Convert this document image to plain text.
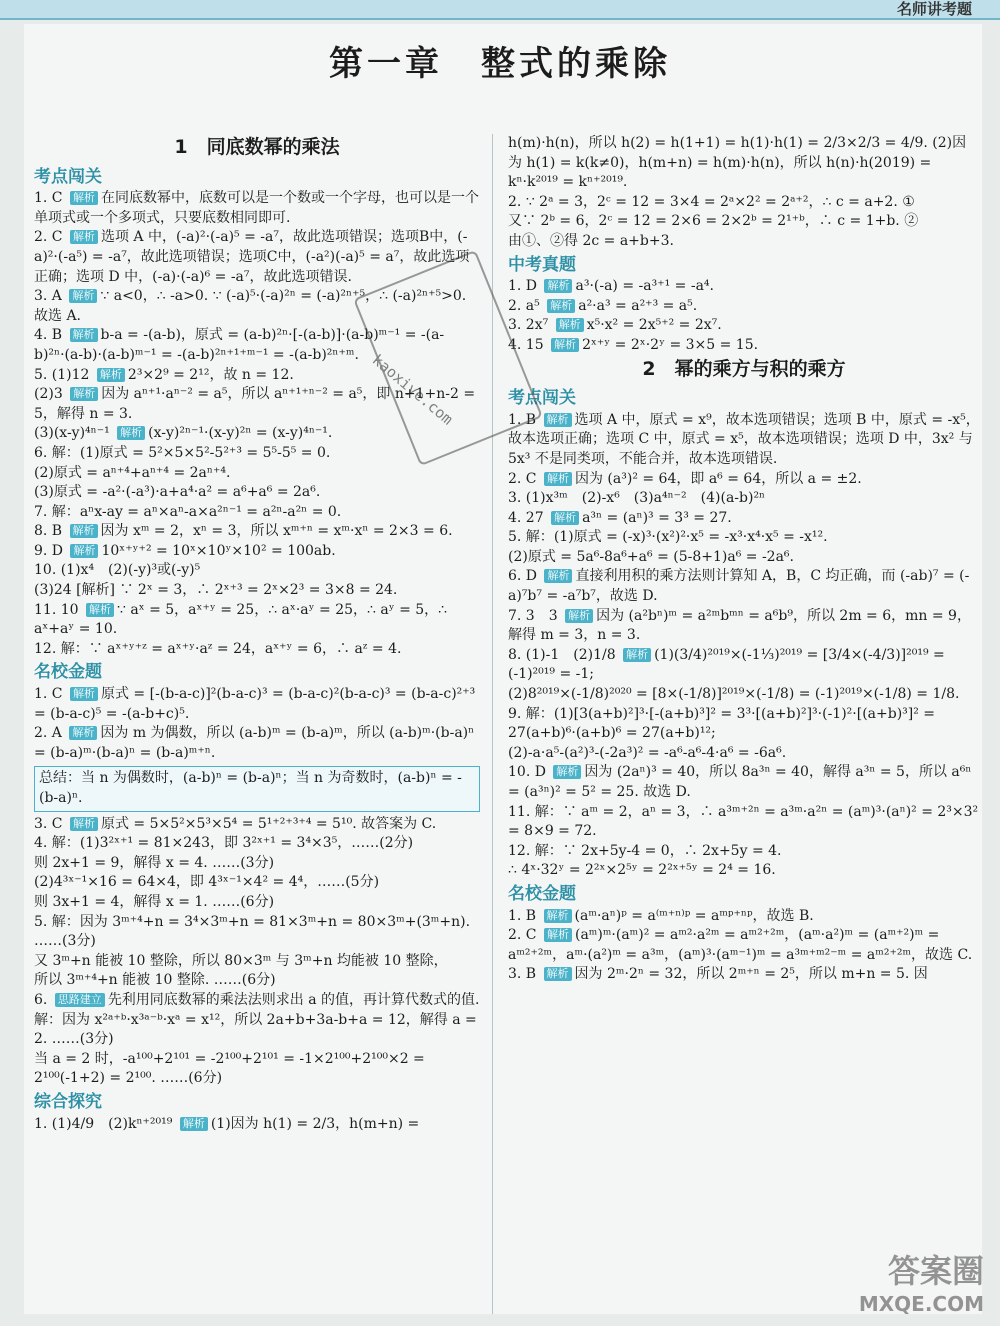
名师讲考题
第一章　整式的乘除
1　同底数幂的乘法
考点闯关

1. C 解析 在同底数幂中，底数可以是一个数或一个字母，也可以是一个单项式或一个多项式，只要底数相同即可.

2. C 解析 选项 A 中，(-a)²·(-a)⁵ = -a⁷，故此选项错误；选项B中，(-a)²·(-a⁵) = -a⁷，故此选项错误；选项C中，(-a²)(-a)⁵ = a⁷，故此选项正确；选项 D 中，(-a)·(-a)⁶ = -a⁷，故此选项错误.

3. A 解析 ∵ a<0，∴ -a>0. ∵ (-a)⁵·(-a)²ⁿ = (-a)²ⁿ⁺⁵，∴ (-a)²ⁿ⁺⁵>0. 故选 A.

4. B 解析 b-a = -(a-b)，原式 = (a-b)²ⁿ·[-(a-b)]·(a-b)ᵐ⁻¹ = -(a-b)²ⁿ·(a-b)·(a-b)ᵐ⁻¹ = -(a-b)²ⁿ⁺¹⁺ᵐ⁻¹ = -(a-b)²ⁿ⁺ᵐ.

5. (1)12 解析 2³×2⁹ = 2¹²，故 n = 12.

(2)3 解析 因为 aⁿ⁺¹·aⁿ⁻² = a⁵，所以 aⁿ⁺¹⁺ⁿ⁻² = a⁵，即 n+1+n-2 = 5，解得 n = 3.

(3)(x-y)⁴ⁿ⁻¹ 解析 (x-y)²ⁿ⁻¹·(x-y)²ⁿ = (x-y)⁴ⁿ⁻¹.

6. 解：(1)原式 = 5²×5×5²-5²⁺³ = 5⁵-5⁵ = 0.
(2)原式 = aⁿ⁺⁴+aⁿ⁺⁴ = 2aⁿ⁺⁴.
(3)原式 = -a²·(-a³)·a+a⁴·a² = a⁶+a⁶ = 2a⁶.

7. 解：aⁿx-ay = aⁿ×aⁿ-a×a²ⁿ⁻¹ = a²ⁿ-a²ⁿ = 0.

8. B 解析 因为 xᵐ = 2，xⁿ = 3，所以 xᵐ⁺ⁿ = xᵐ·xⁿ = 2×3 = 6.

9. D 解析 10ˣ⁺ʸ⁺² = 10ˣ×10ʸ×10² = 100ab.

10. (1)x⁴　(2)(-y)³或(-y)⁵
(3)24 [解析] ∵ 2ˣ = 3，∴ 2ˣ⁺³ = 2ˣ×2³ = 3×8 = 24.

11. 10 解析 ∵ aˣ = 5，aˣ⁺ʸ = 25，∴ aˣ·aʸ = 25，∴ aʸ = 5，∴ aˣ+aʸ = 10.

12. 解：∵ aˣ⁺ʸ⁺ᶻ = aˣ⁺ʸ·aᶻ = 24，aˣ⁺ʸ = 6，∴ aᶻ = 4.

名校金题

1. C 解析 原式 = [-(b-a-c)]²(b-a-c)³ = (b-a-c)²(b-a-c)³ = (b-a-c)²⁺³ = (b-a-c)⁵ = -(a-b+c)⁵.

2. A 解析 因为 m 为偶数，所以 (a-b)ᵐ = (b-a)ᵐ，所以 (a-b)ᵐ·(b-a)ⁿ = (b-a)ᵐ·(b-a)ⁿ = (b-a)ᵐ⁺ⁿ.

总结：当 n 为偶数时，(a-b)ⁿ = (b-a)ⁿ；当 n 为奇数时，(a-b)ⁿ = -(b-a)ⁿ.

3. C 解析 原式 = 5×5²×5³×5⁴ = 5¹⁺²⁺³⁺⁴ = 5¹⁰. 故答案为 C.

4. 解：(1)3²ˣ⁺¹ = 81×243，即 3²ˣ⁺¹ = 3⁴×3⁵，……(2分)
则 2x+1 = 9，解得 x = 4. ……(3分)
(2)4³ˣ⁻¹×16 = 64×4，即 4³ˣ⁻¹×4² = 4⁴，……(5分)
则 3x+1 = 4，解得 x = 1. ……(6分)

5. 解：因为 3ᵐ⁺⁴+n = 3⁴×3ᵐ+n = 81×3ᵐ+n = 80×3ᵐ+(3ᵐ+n). ……(3分)
又 3ᵐ+n 能被 10 整除，所以 80×3ᵐ 与 3ᵐ+n 均能被 10 整除，
所以 3ᵐ⁺⁴+n 能被 10 整除. ……(6分)

6. 思路建立 先利用同底数幂的乘法法则求出 a 的值，再计算代数式的值.
解：因为 x²ᵃ⁺ᵇ·x³ᵃ⁻ᵇ·xᵃ = x¹²，所以 2a+b+3a-b+a = 12，解得 a = 2. ……(3分)
当 a = 2 时，-a¹⁰⁰+2¹⁰¹ = -2¹⁰⁰+2¹⁰¹ = -1×2¹⁰⁰+2¹⁰⁰×2 = 2¹⁰⁰(-1+2) = 2¹⁰⁰. ……(6分)

综合探究

1. (1)4/9　(2)kⁿ⁺²⁰¹⁹ 解析 (1)因为 h(1) = 2/3，h(m+n) =

h(m)·h(n)，所以 h(2) = h(1+1) = h(1)·h(1) = 2/3×2/3 = 4/9. (2)因为 h(1) = k(k≠0)，h(m+n) = h(m)·h(n)，所以 h(n)·h(2019) = kⁿ·k²⁰¹⁹ = kⁿ⁺²⁰¹⁹.

2. ∵ 2ᵃ = 3，2ᶜ = 12 = 3×4 = 2ᵃ×2² = 2ᵃ⁺²，∴ c = a+2. ①
又∵ 2ᵇ = 6，2ᶜ = 12 = 2×6 = 2×2ᵇ = 2¹⁺ᵇ，∴ c = 1+b. ②
由①、②得 2c = a+b+3.

中考真题

1. D 解析 a³·(-a) = -a³⁺¹ = -a⁴.

2. a⁵ 解析 a²·a³ = a²⁺³ = a⁵.

3. 2x⁷ 解析 x⁵·x² = 2x⁵⁺² = 2x⁷.

4. 15 解析 2ˣ⁺ʸ = 2ˣ·2ʸ = 3×5 = 15.

2　幂的乘方与积的乘方
考点闯关

1. B 解析 选项 A 中，原式 = x⁹，故本选项错误；选项 B 中，原式 = -x⁵，故本选项正确；选项 C 中，原式 = x⁵，故本选项错误；选项 D 中，3x² 与 5x³ 不是同类项，不能合并，故本选项错误.

2. C 解析 因为 (a³)² = 64，即 a⁶ = 64，所以 a = ±2.

3. (1)x³ᵐ　(2)-x⁶　(3)a⁴ⁿ⁻²　(4)(a-b)²ⁿ

4. 27 解析 a³ⁿ = (aⁿ)³ = 3³ = 27.

5. 解：(1)原式 = (-x)³·(x²)²·x⁵ = -x³·x⁴·x⁵ = -x¹².
(2)原式 = 5a⁶-8a⁶+a⁶ = (5-8+1)a⁶ = -2a⁶.

6. D 解析 直接利用积的乘方法则计算知 A，B，C 均正确，而 (-ab)⁷ = (-a)⁷b⁷ = -a⁷b⁷，故选 D.

7. 3　3 解析 因为 (a²bⁿ)ᵐ = a²ᵐbᵐⁿ = a⁶b⁹，所以 2m = 6，mn = 9，解得 m = 3，n = 3.

8. (1)-1　(2)1/8 解析 (1)(3/4)²⁰¹⁹×(-1⅓)²⁰¹⁹ = [3/4×(-4/3)]²⁰¹⁹ = (-1)²⁰¹⁹ = -1;
(2)8²⁰¹⁹×(-1/8)²⁰²⁰ = [8×(-1/8)]²⁰¹⁹×(-1/8) = (-1)²⁰¹⁹×(-1/8) = 1/8.

9. 解：(1)[3(a+b)²]³·[-(a+b)³]² = 3³·[(a+b)²]³·(-1)²·[(a+b)³]² = 27(a+b)⁶·(a+b)⁶ = 27(a+b)¹²;
(2)-a·a⁵-(a²)³-(-2a³)² = -a⁶-a⁶-4·a⁶ = -6a⁶.

10. D 解析 因为 (2aⁿ)³ = 40，所以 8a³ⁿ = 40，解得 a³ⁿ = 5，所以 a⁶ⁿ = (a³ⁿ)² = 5² = 25. 故选 D.

11. 解：∵ aᵐ = 2，aⁿ = 3，∴ a³ᵐ⁺²ⁿ = a³ᵐ·a²ⁿ = (aᵐ)³·(aⁿ)² = 2³×3² = 8×9 = 72.

12. 解：∵ 2x+5y-4 = 0，∴ 2x+5y = 4.
∴ 4ˣ·32ʸ = 2²ˣ×2⁵ʸ = 2²ˣ⁺⁵ʸ = 2⁴ = 16.

名校金题

1. B 解析 (aᵐ·aⁿ)ᵖ = a⁽ᵐ⁺ⁿ⁾ᵖ = aᵐᵖ⁺ⁿᵖ，故选 B.

2. C 解析 (aᵐ)ᵐ·(aᵐ)² = aᵐ²·a²ᵐ = aᵐ²⁺²ᵐ，(aᵐ·a²)ᵐ = (aᵐ⁺²)ᵐ = aᵐ²⁺²ᵐ，aᵐ·(a²)ᵐ = a³ᵐ，(aᵐ)³·(aᵐ⁻¹)ᵐ = a³ᵐ⁺ᵐ²⁻ᵐ = aᵐ²⁺²ᵐ，故选 C.

3. B 解析 因为 2ᵐ·2ⁿ = 32，所以 2ᵐ⁺ⁿ = 2⁵，所以 m+n = 5. 因

kaoxiye.com
答案圈
MXQE.COM
